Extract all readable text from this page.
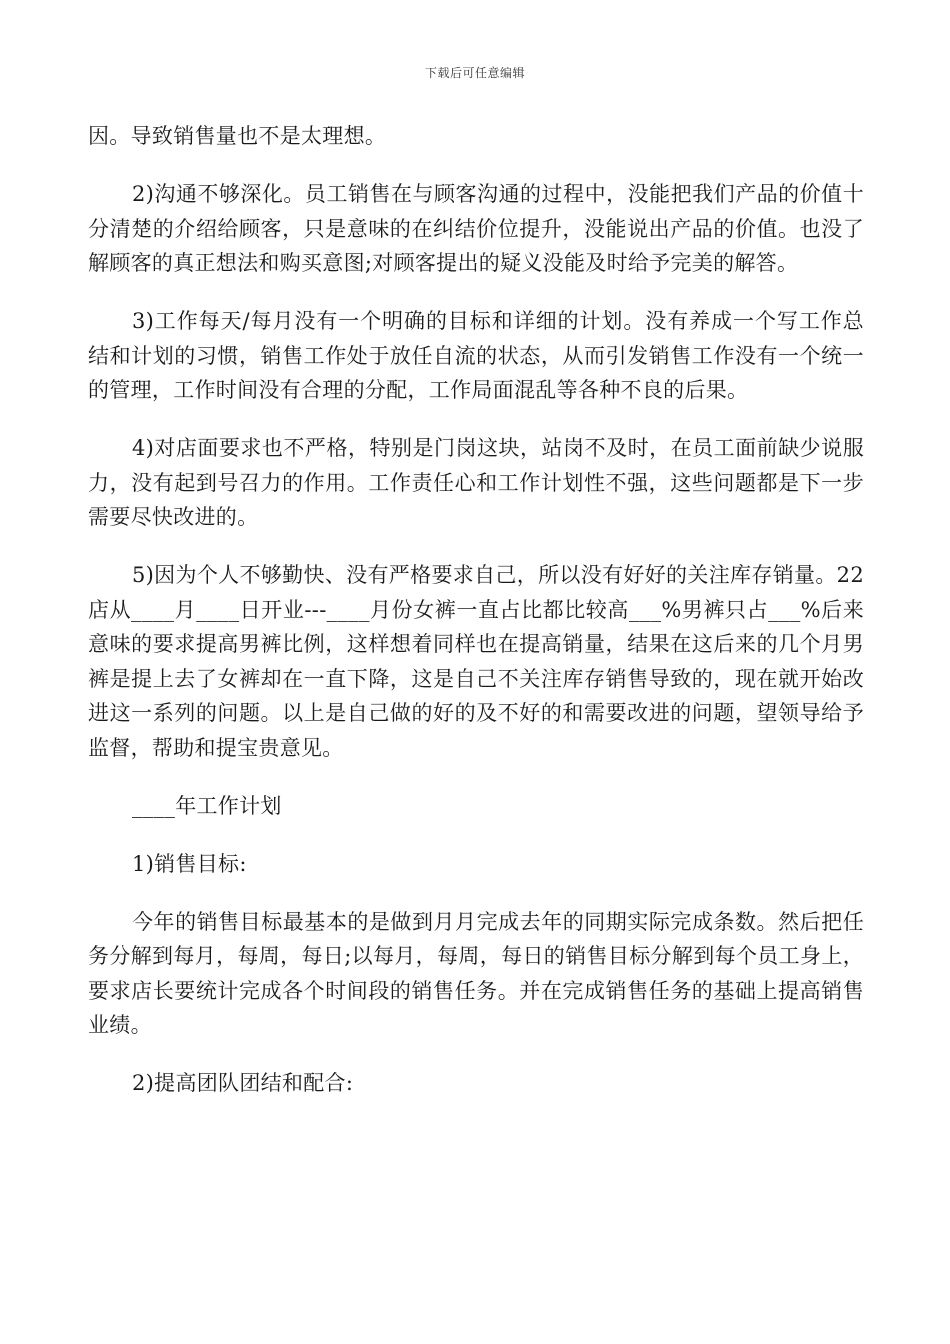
下载后可任意编辑

因。导致销售量也不是太理想。

2)沟通不够深化。员工销售在与顾客沟通的过程中，没能把我们产品的价值十分清楚的介绍给顾客，只是意味的在纠结价位提升，没能说出产品的价值。也没了解顾客的真正想法和购买意图;对顾客提出的疑义没能及时给予完美的解答。

3)工作每天/每月没有一个明确的目标和详细的计划。没有养成一个写工作总结和计划的习惯，销售工作处于放任自流的状态，从而引发销售工作没有一个统一的管理，工作时间没有合理的分配，工作局面混乱等各种不良的后果。

4)对店面要求也不严格，特别是门岗这块，站岗不及时，在员工面前缺少说服力，没有起到号召力的作用。工作责任心和工作计划性不强，这些问题都是下一步需要尽快改进的。

5)因为个人不够勤快、没有严格要求自己，所以没有好好的关注库存销量。22店从____月____日开业---____月份女裤一直占比都比较高___%男裤只占___%后来意味的要求提高男裤比例，这样想着同样也在提高销量，结果在这后来的几个月男裤是提上去了女裤却在一直下降，这是自己不关注库存销售导致的，现在就开始改进这一系列的问题。以上是自己做的好的及不好的和需要改进的问题，望领导给予监督，帮助和提宝贵意见。

____年工作计划

1)销售目标:

今年的销售目标最基本的是做到月月完成去年的同期实际完成条数。然后把任务分解到每月，每周，每日;以每月，每周，每日的销售目标分解到每个员工身上，要求店长要统计完成各个时间段的销售任务。并在完成销售任务的基础上提高销售业绩。

2)提高团队团结和配合:
